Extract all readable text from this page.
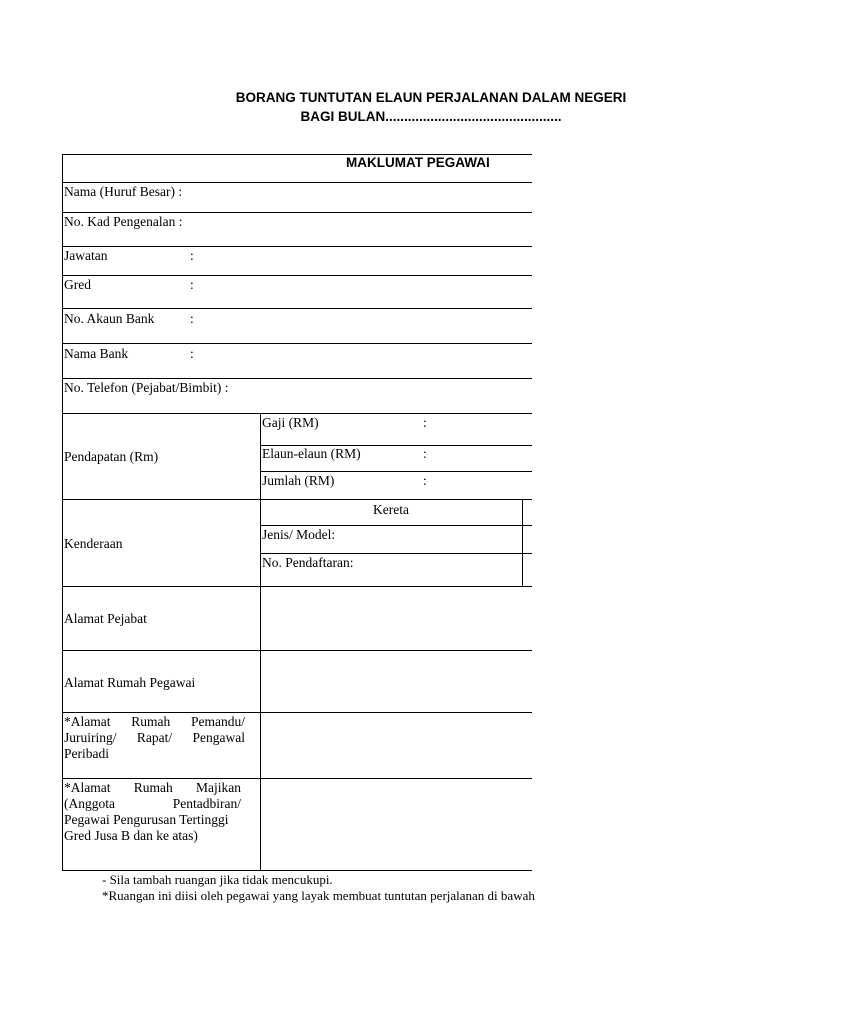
BORANG TUNTUTAN ELAUN PERJALANAN DALAM NEGERI
BAGI BULAN...............................................
MAKLUMAT PEGAWAI
Nama (Huruf Besar) :
No. Kad Pengenalan :
Jawatan	:
Gred	:
No. Akaun Bank	:
Nama Bank	:
No. Telefon (Pejabat/Bimbit) :
Pendapatan (Rm)
Gaji (RM)	:
Elaun-elaun (RM)	:
Jumlah (RM)	:
Kenderaan
Kereta
Jenis/ Model:
No. Pendaftaran:
Alamat Pejabat
Alamat Rumah Pegawai
*Alamat Rumah Pemandu/
Juruiring/ Rapat/ Pengawal
Peribadi
*Alamat Rumah Majikan
(Anggota Pentadbiran/
Pegawai Pengurusan Tertinggi
Gred Jusa B dan ke atas)
- Sila tambah ruangan jika tidak mencukupi.
*Ruangan ini diisi oleh pegawai yang layak membuat tuntutan perjalanan di bawah
